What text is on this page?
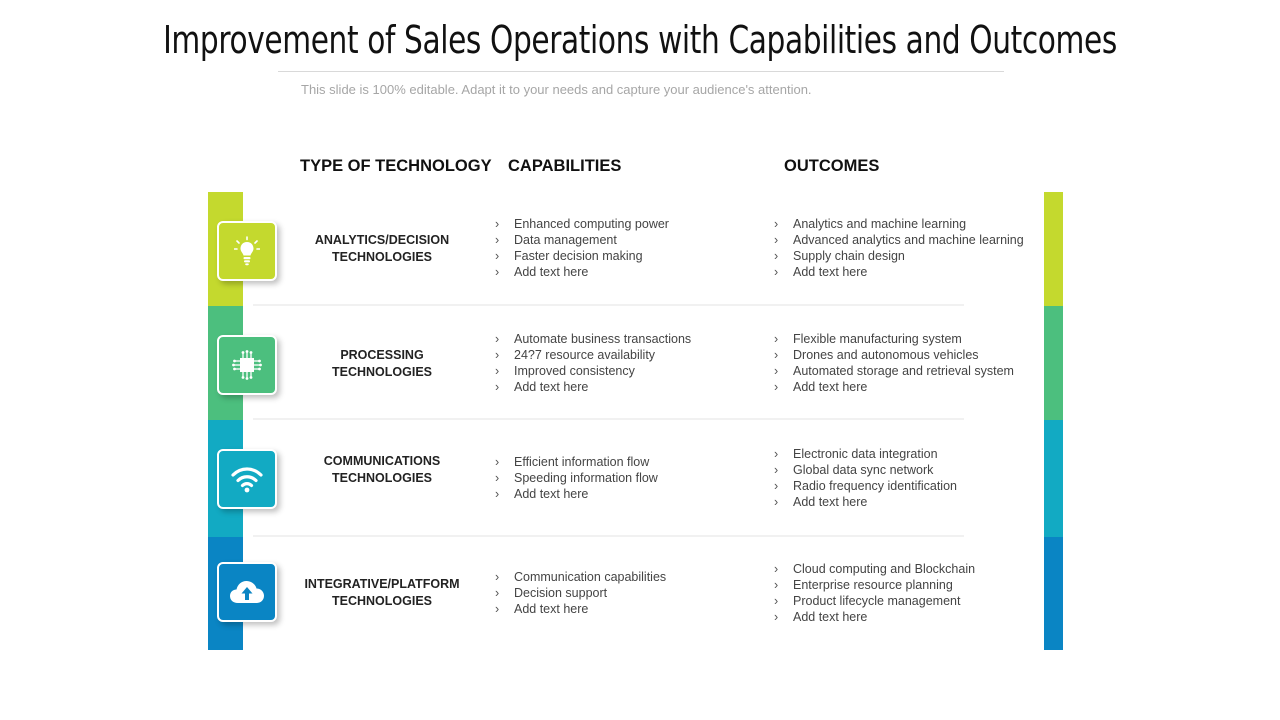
Improvement of Sales Operations with Capabilities and Outcomes
This slide is 100% editable. Adapt it to your needs and capture your audience's attention.
TYPE OF TECHNOLOGY CAPABILITIES	OUTCOMES
ANALYTICS/DECISION
TECHNOLOGIES
› Enhanced computing power
› Data management
› Faster decision making
› Add text here
› Analytics and machine learning
› Advanced analytics and machine learning
› Supply chain design
› Add text here
PROCESSING
TECHNOLOGIES
› Automate business transactions
› 24?7 resource availability
› Improved consistency
› Add text here
› Flexible manufacturing system
› Drones and autonomous vehicles
› Automated storage and retrieval system
› Add text here
COMMUNICATIONS
TECHNOLOGIES
› Efficient information flow
› Speeding information flow
› Add text here
› Electronic data integration
› Global data sync network
› Radio frequency identification
› Add text here
INTEGRATIVE/PLATFORM
TECHNOLOGIES
› Communication capabilities
› Decision support
› Add text here
› Cloud computing and Blockchain
› Enterprise resource planning
› Product lifecycle management
› Add text here
